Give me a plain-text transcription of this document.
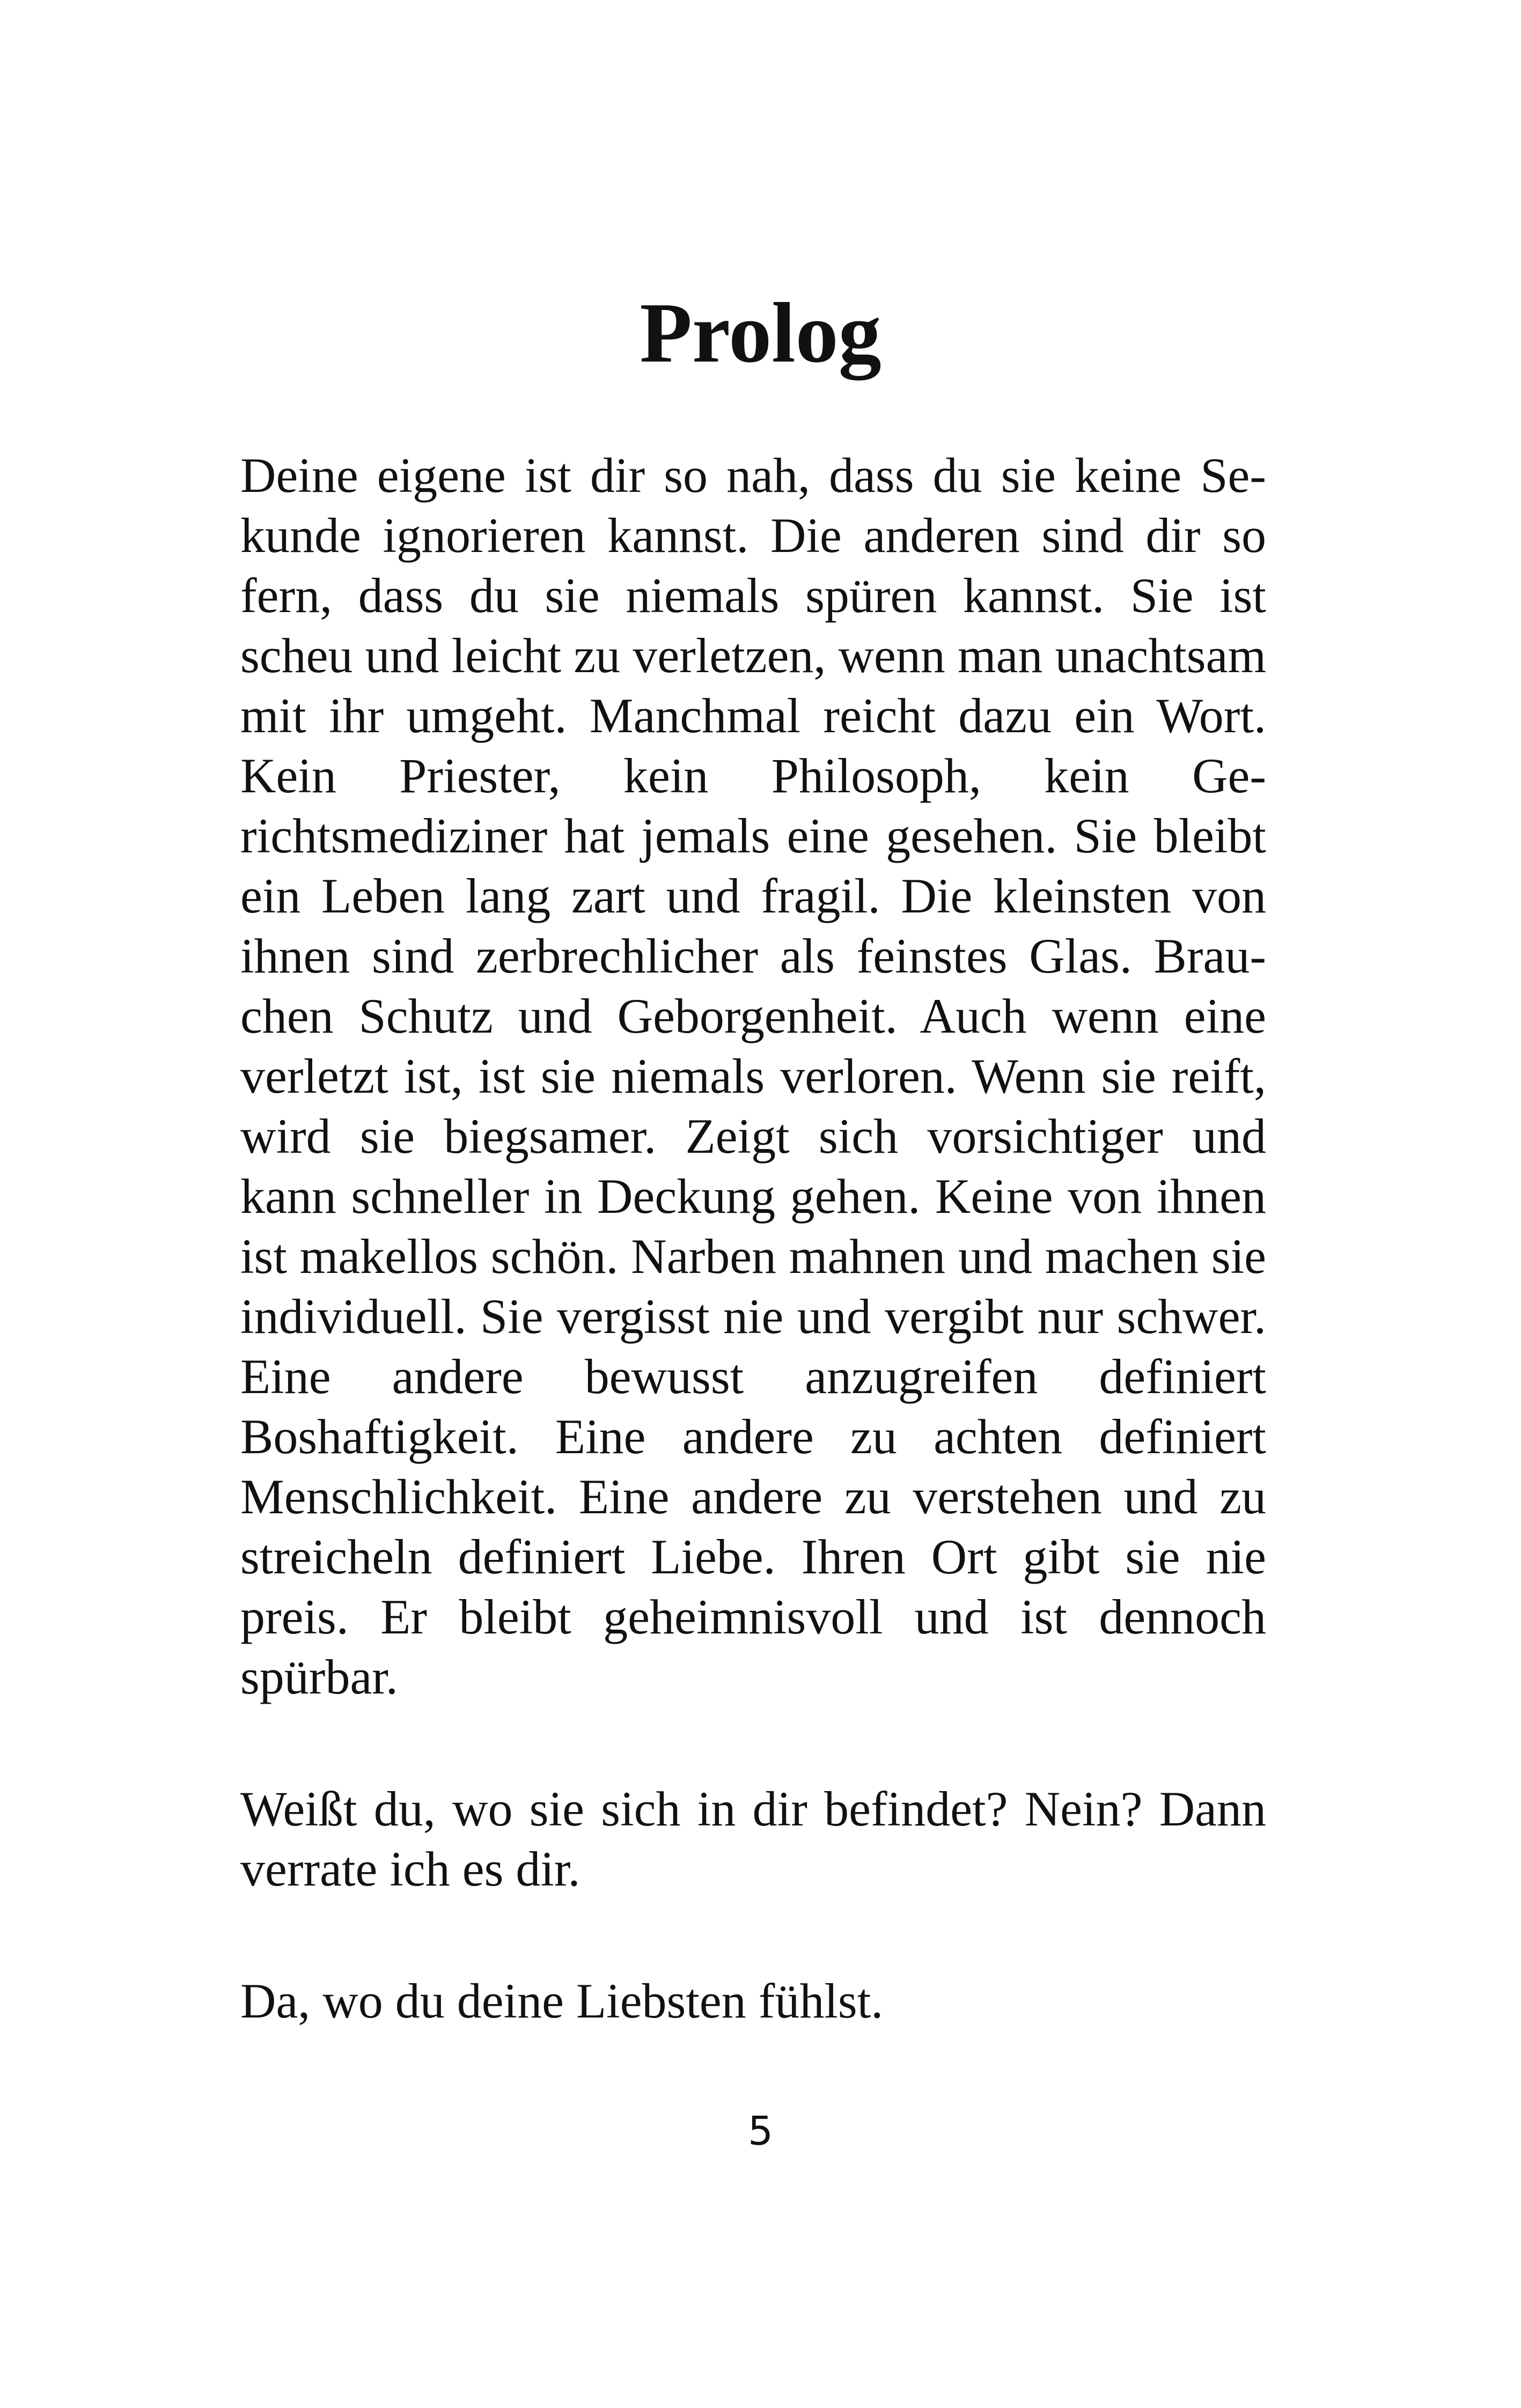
Prolog

Deine eigene ist dir so nah, dass du sie keine Sekunde ignorieren kannst. Die anderen sind dir so fern, dass du sie niemals spüren kannst. Sie ist scheu und leicht zu verletzen, wenn man unachtsam mit ihr umgeht. Manchmal reicht dazu ein Wort. Kein Priester, kein Philosoph, kein Gerichtsmediziner hat jemals eine gesehen. Sie bleibt ein Leben lang zart und fragil. Die kleinsten von ihnen sind zerbrechlicher als feinstes Glas. Brauchen Schutz und Geborgenheit. Auch wenn eine verletzt ist, ist sie niemals verloren. Wenn sie reift, wird sie biegsamer. Zeigt sich vorsichtiger und kann schneller in Deckung gehen. Keine von ihnen ist makellos schön. Narben mahnen und machen sie individuell. Sie vergisst nie und vergibt nur schwer. Eine andere bewusst anzugreifen definiert Boshaftigkeit. Eine andere zu achten definiert Menschlichkeit. Eine andere zu verstehen und zu streicheln definiert Liebe. Ihren Ort gibt sie nie preis. Er bleibt geheimnisvoll und ist dennoch spürbar.

Weißt du, wo sie sich in dir befindet? Nein? Dann verrate ich es dir.

Da, wo du deine Liebsten fühlst.

5
